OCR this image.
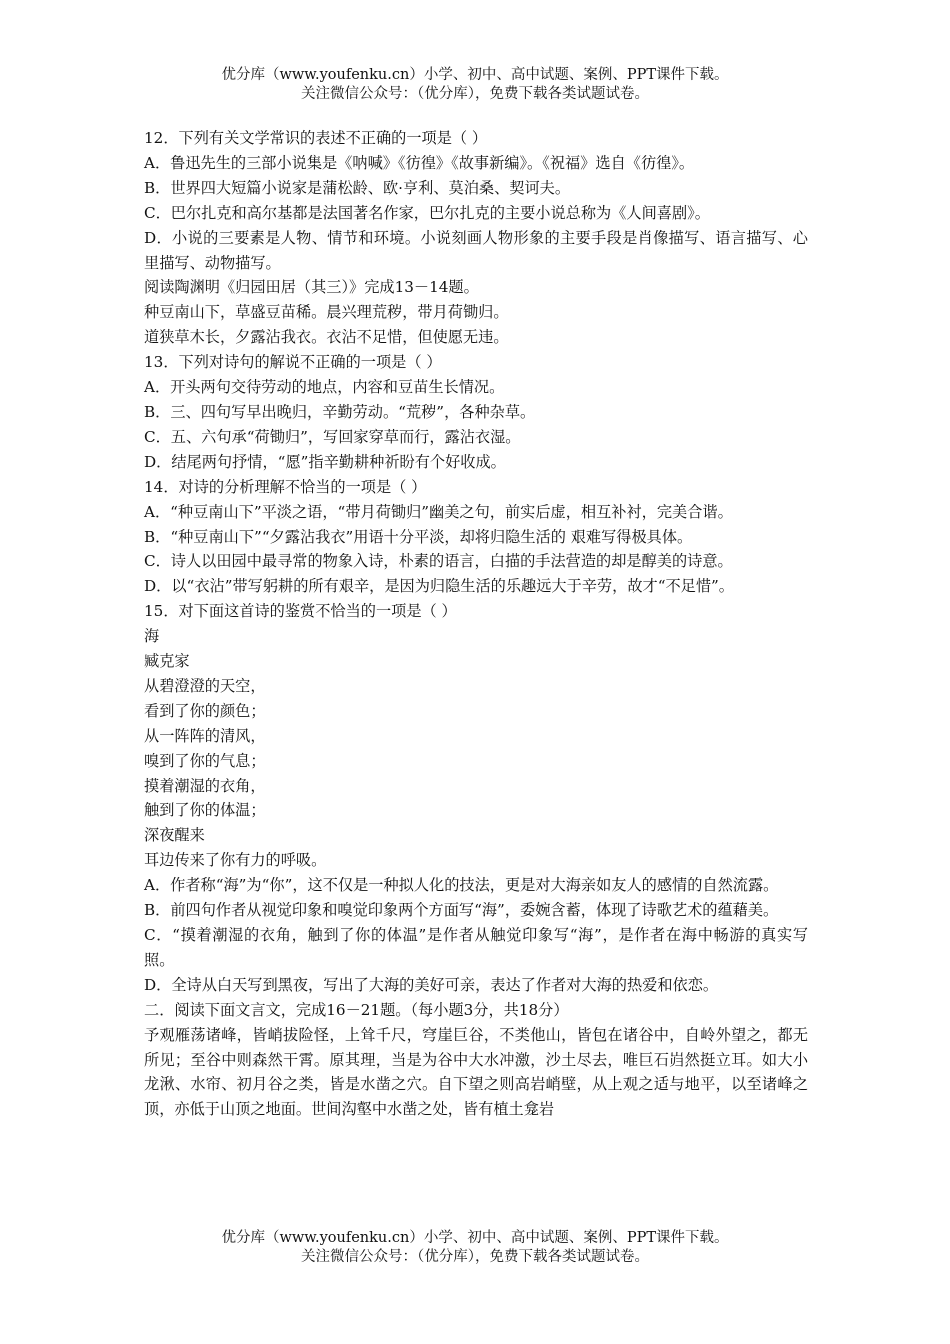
优分库（www.youfenku.cn）小学、初中、高中试题、案例、PPT课件下载。
关注微信公众号：（优分库），免费下载各类试题试卷。

12．下列有关文学常识的表述不正确的一项是（ ）

A．鲁迅先生的三部小说集是《呐喊》《彷徨》《故事新编》。《祝福》选自《彷徨》。

B．世界四大短篇小说家是蒲松龄、欧·亨利、莫泊桑、契诃夫。

C．巴尔扎克和高尔基都是法国著名作家，巴尔扎克的主要小说总称为《人间喜剧》。

D．小说的三要素是人物、情节和环境。小说刻画人物形象的主要手段是肖像描写、语言描写、心里描写、动物描写。

阅读陶渊明《归园田居（其三）》完成13－14题。

种豆南山下，草盛豆苗稀。晨兴理荒秽，带月荷锄归。

道狭草木长，夕露沾我衣。衣沾不足惜，但使愿无违。

13．下列对诗句的解说不正确的一项是（ ）

A．开头两句交待劳动的地点，内容和豆苗生长情况。

B．三、四句写早出晚归，辛勤劳动。“荒秽”，各种杂草。

C．五、六句承“荷锄归”，写回家穿草而行，露沾衣湿。

D．结尾两句抒情，“愿”指辛勤耕种祈盼有个好收成。

14．对诗的分析理解不恰当的一项是（ ）

A．“种豆南山下”平淡之语，“带月荷锄归”幽美之句，前实后虚，相互补衬，完美合谐。

B．“种豆南山下”“夕露沾我衣”用语十分平淡，却将归隐生活的 艰难写得极具体。

C．诗人以田园中最寻常的物象入诗，朴素的语言，白描的手法营造的却是醇美的诗意。

D．以“衣沾”带写躬耕的所有艰辛，是因为归隐生活的乐趣远大于辛劳，故才“不足惜”。

15．对下面这首诗的鉴赏不恰当的一项是（ ）

海

臧克家

从碧澄澄的天空，

看到了你的颜色；

从一阵阵的清风，

嗅到了你的气息；

摸着潮湿的衣角，

触到了你的体温；

深夜醒来

耳边传来了你有力的呼吸。

A．作者称“海”为“你”，这不仅是一种拟人化的技法，更是对大海亲如友人的感情的自然流露。

B．前四句作者从视觉印象和嗅觉印象两个方面写“海”，委婉含蓄，体现了诗歌艺术的蕴藉美。

C．“摸着潮湿的衣角，触到了你的体温”是作者从触觉印象写“海”，是作者在海中畅游的真实写照。

D．全诗从白天写到黑夜，写出了大海的美好可亲，表达了作者对大海的热爱和依恋。

二．阅读下面文言文，完成16－21题。（每小题3分，共18分）

予观雁荡诸峰，皆峭拔险怪，上耸千尺，穹崖巨谷，不类他山，皆包在诸谷中，自岭外望之，都无所见；至谷中则森然干霄。原其理，当是为谷中大水冲激，沙土尽去，唯巨石岿然挺立耳。如大小龙湫、水帘、初月谷之类，皆是水凿之穴。自下望之则高岩峭壁，从上观之适与地平，以至诸峰之顶，亦低于山顶之地面。世间沟壑中水凿之处，皆有植土龛岩

优分库（www.youfenku.cn）小学、初中、高中试题、案例、PPT课件下载。
关注微信公众号：（优分库），免费下载各类试题试卷。
